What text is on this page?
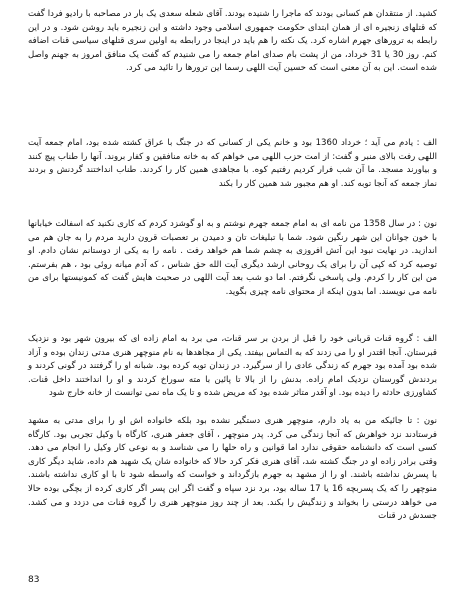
کشید. از منتقدان هم کسانی بودند که ماجرا را شنیده بودند. آقای شعله سعدی یک بار در مصاحبه با رادیو فردا گفت که قتلهای زنجیره ای از همان ابتدای حکومت جمهوری اسلامی وجود داشته و این زنجیره باید روشن شود. و در این رابطه به ترورهای جهرم اشاره کرد. یک نکته را هم باید در اینجا در رابطه به اولین سری قتلهای سیاسی قنات اضافه کنم. روز 30 یا 31 خرداد، من از پشت بام صدای امام جمعه را می شنیدم که گفت یک منافق امروز به جهنم واصل شده است. این به آن معنی است که حسین آیت اللهی رسما این ترورها را تائید می کرد.

الف : یادم می آید ؛ خرداد 1360 بود و خانم یکی از کسانی که در جنگ با عراق کشته شده بود، امام جمعه آیت اللهی رفت بالای منبر و گفت: از امت حزب اللهی می خواهم که به خانه منافقین و کفار بروند. آنها را طناب پیچ کنند و بیاورند مسجد. ما آن شب فرار کردیم رفتیم کوه. با مجاهدی همین کار را کردند. طناب انداختند گردنش و بردند نماز جمعه که آنجا توبه کند. او هم مجبور شد همین کار را بکند

نون : در سال 1358 من نامه ای به امام جمعه جهرم نوشتم و به او گوشزد کردم که کاری نکنید که اسفالت خیابانها با خون جوانان این شهر رنگین شود. شما با تبلیغات تان و دمیدن بر تعصبات قرون دارید مردم را به جان هم می اندازید. در نهایت نبود این آتش افروزی به چشم شما هم خواهد رفت . نامه را به یکی از دوستانم نشان دادم. او توصیه کرد که کپی آن را برای یک روحانی ارشد دیگری آیت الله حق شناس ، که آدم میانه روئی بود ، هم بفرستم. من این کار را کردم. ولی پاسخی نگرفتم. اما دو شب بعد آیت اللهی در صحبت هایش گفت که کمونیستها برای من نامه می نویسند. اما بدون اینکه از محتوای نامه چیزی بگوید.

الف : گروه قنات قربانی خود را قبل از بردن بر سر قنات، می برد به امام زاده ای که بیرون شهر بود و نزدیک قبرستان. آنجا اقتدر او را می زدند که به التماس بیفتد. یکی از مجاهدها به نام منوچهر هنری مدتی زندان بوده و آزاد شده بود آمده بود جهرم که زندگی عادی را از سرگیرد. در زندان توبه کرده بود. شبانه او را گرفتند در گونی کردند و بردندش گورستان نزدیک امام زاده. بدنش را از بالا تا پائین با مته سوراخ کردند و او را انداختند داخل قنات. کشاورزی حادثه را دیده بود. او آقدر متاثر شده بود که مریض شده و تا یک ماه نمی توانست از خانه خارج شود

نون : تا جائیکه من به یاد دارم، منوچهر هنری دستگیر نشده بود بلکه خانواده اش او را برای مدتی به مشهد فرستادند نزد خواهرش که آنجا زندگی می کرد. پدر منوچهر ، آقای جعفر هنری، کارگاه با وکیل تجربی بود. کارگاه کسی است که دانشنامه حقوقی ندارد اما قوانین و راه حلها را می شناسد و به نوعی کار وکیل را انجام می دهد. وقتی برادر زاده او در جنگ کشته شد، آقای هنری فکر کرد حالا که خانواده شان یک شهید هم داده، شاید دیگر کاری با پسرش نداشته باشند. او را از مشهد به جهرم بازگرداند و خواست که واسطه شود تا با او کاری نداشته باشند. منوچهر را که یک پسربچه 16 یا 17 ساله بود، برد نزد سپاه و گفت اگر این پسر اگر کاری کرده از بچگی بوده حالا می خواهد درستی را بخواند و زندگیش را بکند. بعد از چند روز منوچهر هنری را گروه قنات می دزدد و می کشد. جسدش در قنات

83
